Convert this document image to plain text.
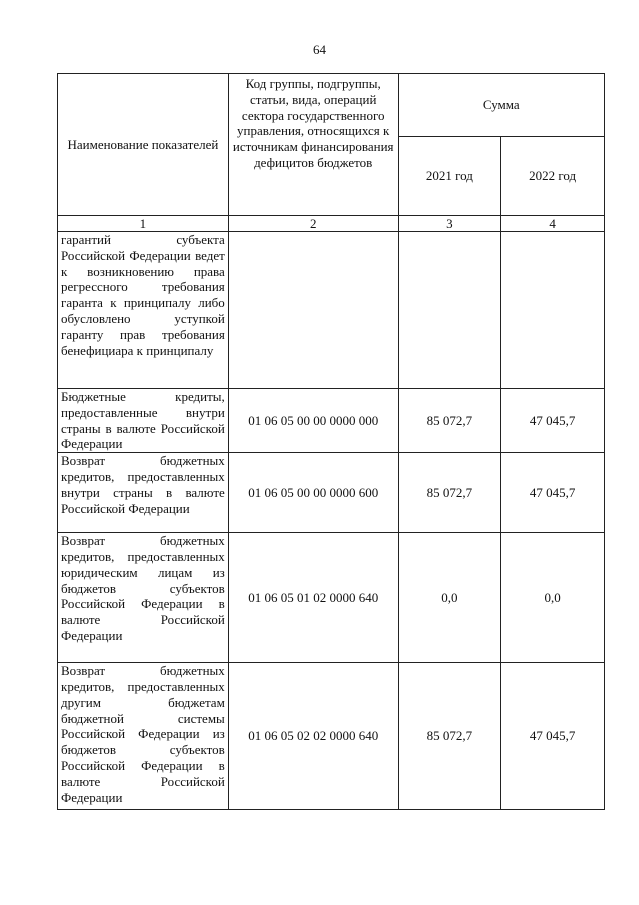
64
Наименование показателей	Код группы, подгруппы, статьи, вида, операций сектора государственного управления, относящихся к источникам финансирования дефицитов бюджетов	Сумма	
		2021 год	2022 год
1	2	3	4
гарантий субъекта Российской Федерации ведет к возникновению права регрессного требования гаранта к принципалу либо обусловлено уступкой гаранту прав требования бенефициара к принципалу			
Бюджетные кредиты, предоставленные внутри страны в валюте Российской Федерации	01 06 05 00 00 0000 000	85 072,7	47 045,7
Возврат бюджетных кредитов, предоставленных внутри страны в валюте Российской Федерации	01 06 05 00 00 0000 600	85 072,7	47 045,7
Возврат бюджетных кредитов, предоставленных юридическим лицам из бюджетов субъектов Российской Федерации в валюте Российской Федерации	01 06 05 01 02 0000 640	0,0	0,0
Возврат бюджетных кредитов, предоставленных другим бюджетам бюджетной системы Российской Федерации из бюджетов субъектов Российской Федерации в валюте Российской Федерации	01 06 05 02 02 0000 640	85 072,7	47 045,7
